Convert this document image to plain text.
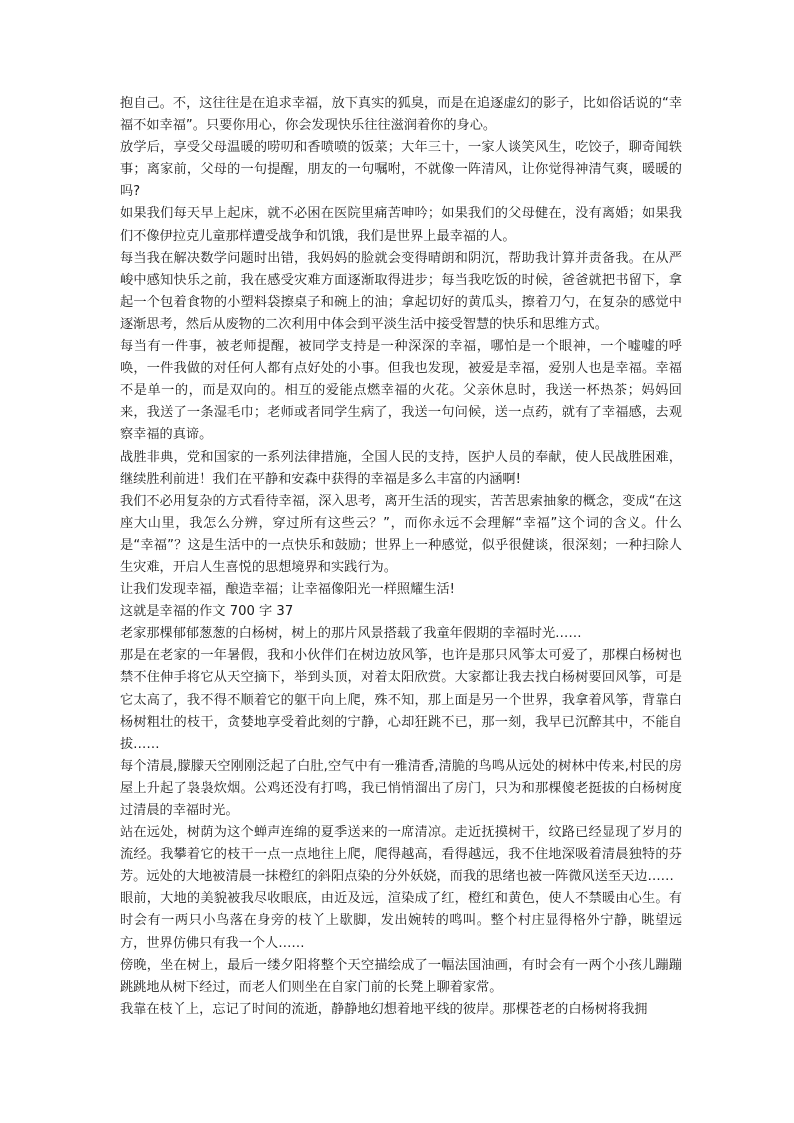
抱自己。不，这往往是在追求幸福，放下真实的狐臭，而是在追逐虚幻的影子，比如俗话说的“幸福不如幸福”。只要你用心，你会发现快乐往往滋润着你的身心。

放学后，享受父母温暖的唠叨和香喷喷的饭菜；大年三十，一家人谈笑风生，吃饺子，聊奇闻轶事；离家前，父母的一句提醒，朋友的一句嘱咐，不就像一阵清风，让你觉得神清气爽，暖暖的吗?

如果我们每天早上起床，就不必困在医院里痛苦呻吟；如果我们的父母健在，没有离婚；如果我们不像伊拉克儿童那样遭受战争和饥饿，我们是世界上最幸福的人。

每当我在解决数学问题时出错，我妈妈的脸就会变得晴朗和阴沉，帮助我计算并责备我。在从严峻中感知快乐之前，我在感受灾难方面逐渐取得进步；每当我吃饭的时候，爸爸就把书留下，拿起一个包着食物的小塑料袋擦桌子和碗上的油；拿起切好的黄瓜头，擦着刀勺，在复杂的感觉中逐渐思考，然后从废物的二次利用中体会到平淡生活中接受智慧的快乐和思维方式。

每当有一件事，被老师提醒，被同学支持是一种深深的幸福，哪怕是一个眼神，一个嘘嘘的呼唤，一件我做的对任何人都有点好处的小事。但我也发现，被爱是幸福，爱别人也是幸福。幸福不是单一的，而是双向的。相互的爱能点燃幸福的火花。父亲休息时，我送一杯热茶；妈妈回来，我送了一条湿毛巾；老师或者同学生病了，我送一句问候，送一点药，就有了幸福感，去观察幸福的真谛。

战胜非典，党和国家的一系列法律措施，全国人民的支持，医护人员的奉献，使人民战胜困难，继续胜利前进！我们在平静和安森中获得的幸福是多么丰富的内涵啊!

我们不必用复杂的方式看待幸福，深入思考，离开生活的现实，苦苦思索抽象的概念，变成“在这座大山里，我怎么分辨，穿过所有这些云？”，而你永远不会理解“幸福”这个词的含义。什么是“幸福”？这是生活中的一点快乐和鼓励；世界上一种感觉，似乎很健谈，很深刻；一种扫除人生灾难，开启人生喜悦的思想境界和实践行为。

让我们发现幸福，酿造幸福；让幸福像阳光一样照耀生活!

这就是幸福的作文 700 字 37

老家那棵郁郁葱葱的白杨树，树上的那片风景搭载了我童年假期的幸福时光……

那是在老家的一年暑假，我和小伙伴们在树边放风筝，也许是那只风筝太可爱了，那棵白杨树也禁不住伸手将它从天空摘下，举到头顶，对着太阳欣赏。大家都让我去找白杨树要回风筝，可是它太高了，我不得不顺着它的躯干向上爬，殊不知，那上面是另一个世界，我拿着风筝，背靠白杨树粗壮的枝干，贪婪地享受着此刻的宁静，心却狂跳不已，那一刻，我早已沉醉其中，不能自拔……

每个清晨,朦朦天空刚刚泛起了白肚,空气中有一雅清香,清脆的鸟鸣从远处的树林中传来,村民的房屋上升起了袅袅炊烟。公鸡还没有打鸣，我已悄悄溜出了房门，只为和那棵傻老挺拔的白杨树度过清晨的幸福时光。

站在远处，树荫为这个蝉声连绵的夏季送来的一席清凉。走近抚摸树干，纹路已经显现了岁月的流经。我攀着它的枝干一点一点地往上爬，爬得越高，看得越远，我不住地深吸着清晨独特的芬芳。远处的大地被清晨一抹橙红的斜阳点染的分外妖娆，而我的思绪也被一阵微风送至天边……

眼前，大地的美貌被我尽收眼底，由近及远，渲染成了红，橙红和黄色，使人不禁暖由心生。有时会有一两只小鸟落在身旁的枝丫上歇脚，发出婉转的鸣叫。整个村庄显得格外宁静，眺望远方，世界仿佛只有我一个人……

傍晚，坐在树上，最后一缕夕阳将整个天空描绘成了一幅法国油画，有时会有一两个小孩儿蹦蹦跳跳地从树下经过，而老人们则坐在自家门前的长凳上聊着家常。

我靠在枝丫上，忘记了时间的流逝，静静地幻想着地平线的彼岸。那棵苍老的白杨树将我拥
